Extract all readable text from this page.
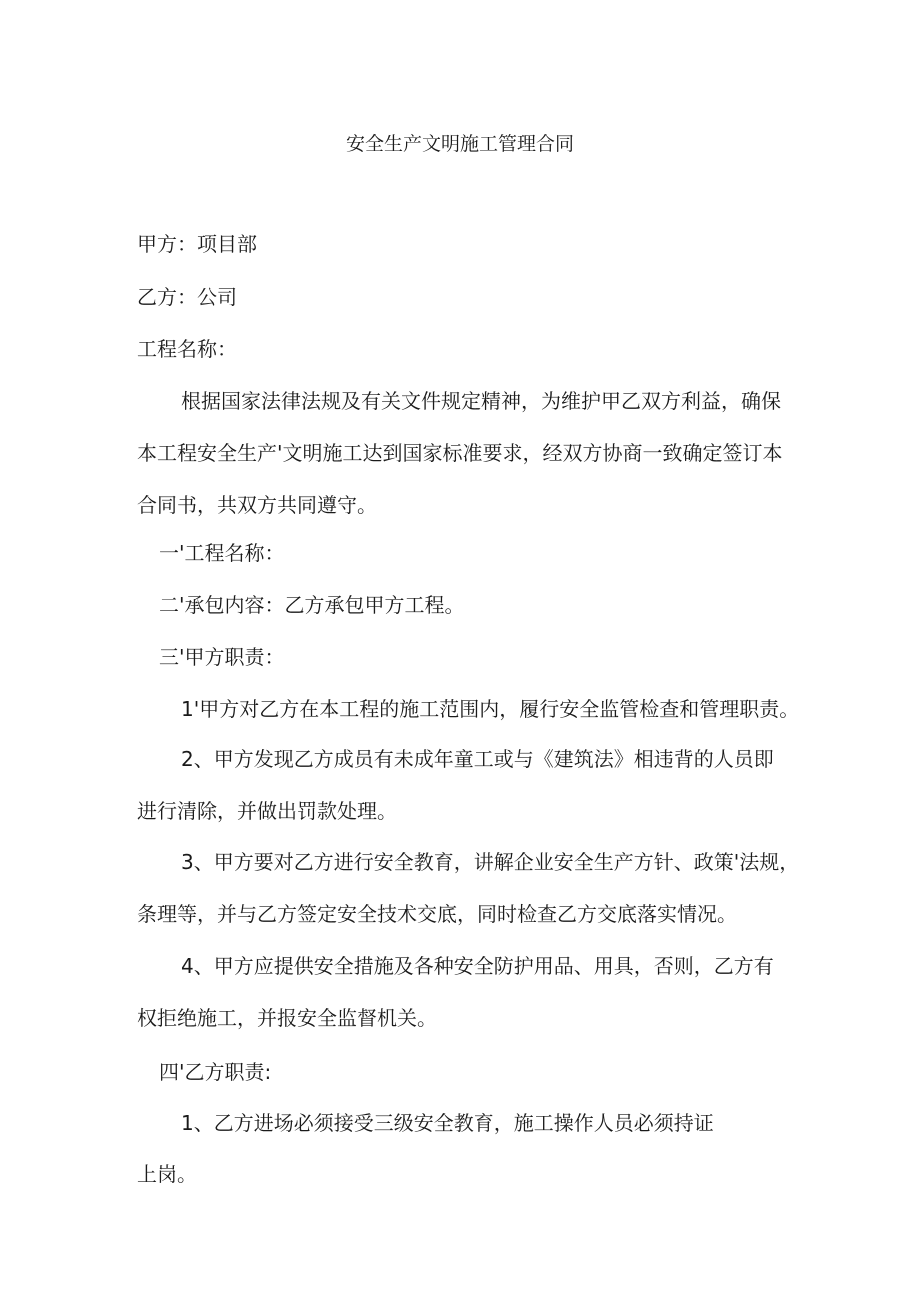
安全生产文明施工管理合同
甲方：项目部
乙方：公司
工程名称：
根据国家法律法规及有关文件规定精神，为维护甲乙双方利益，确保
本工程安全生产'文明施工达到国家标准要求，经双方协商一致确定签订本
合同书，共双方共同遵守。
一'工程名称：
二'承包内容：乙方承包甲方工程。
三'甲方职责：
1'甲方对乙方在本工程的施工范围内，履行安全监管检查和管理职责。
2、甲方发现乙方成员有未成年童工或与《建筑法》相违背的人员即
进行清除，并做出罚款处理。
3、甲方要对乙方进行安全教育，讲解企业安全生产方针、政策'法规，
条理等，并与乙方签定安全技术交底，同时检查乙方交底落实情况。
4、甲方应提供安全措施及各种安全防护用品、用具，否则，乙方有
权拒绝施工，并报安全监督机关。
四'乙方职责:
1、乙方进场必须接受三级安全教育，施工操作人员必须持证
上岗。
